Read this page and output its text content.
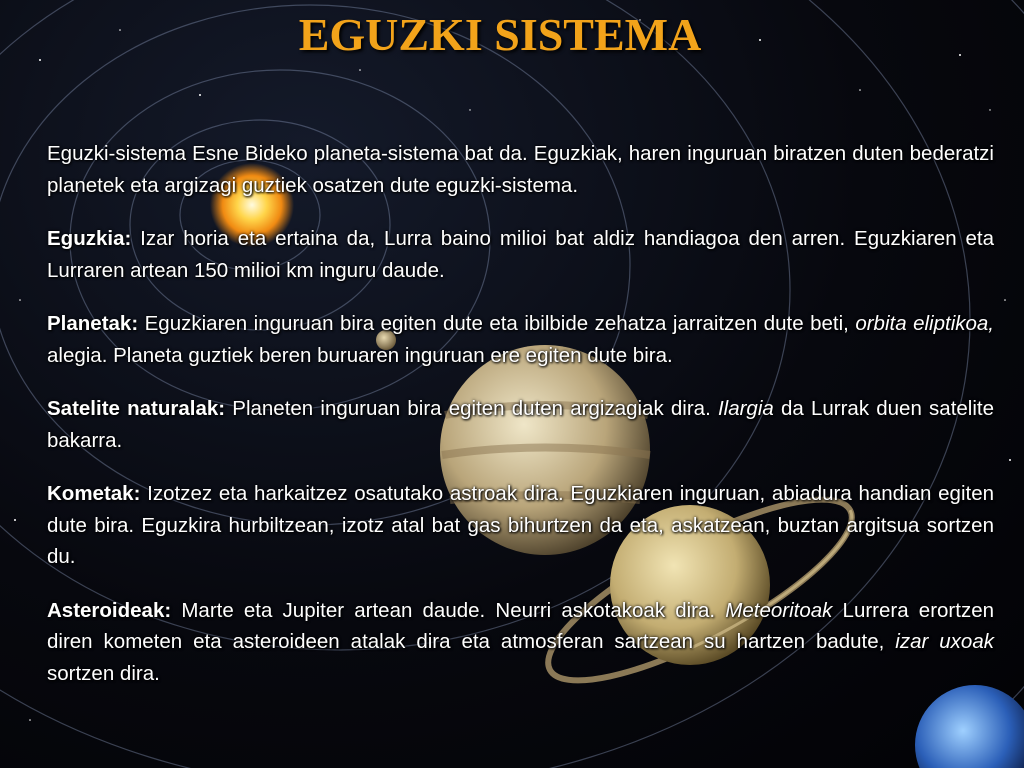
EGUZKI SISTEMA

Eguzki-sistema Esne Bideko planeta-sistema bat da. Eguzkiak, haren inguruan biratzen duten bederatzi planetek eta argizagi guztiek osatzen dute eguzki-sistema.

Eguzkia: Izar horia eta ertaina da, Lurra baino milioi bat aldiz handiagoa den arren. Eguzkiaren eta Lurraren artean 150 milioi km inguru daude.

Planetak: Eguzkiaren inguruan bira egiten dute eta ibilbide zehatza jarraitzen dute beti, orbita eliptikoa, alegia. Planeta guztiek beren buruaren inguruan ere egiten dute bira.

Satelite naturalak: Planeten inguruan bira egiten duten argizagiak dira. Ilargia da Lurrak duen satelite bakarra.

Kometak: Izotzez eta harkaitzez osatutako astroak dira. Eguzkiaren inguruan, abiadura handian egiten dute bira. Eguzkira hurbiltzean, izotz atal bat gas bihurtzen da eta, askatzean, buztan argitsua sortzen du.

Asteroideak: Marte eta Jupiter artean daude. Neurri askotakoak dira. Meteoritoak Lurrera erortzen diren kometen eta asteroideen atalak dira eta atmosferan sartzean su hartzen badute, izar uxoak sortzen dira.
